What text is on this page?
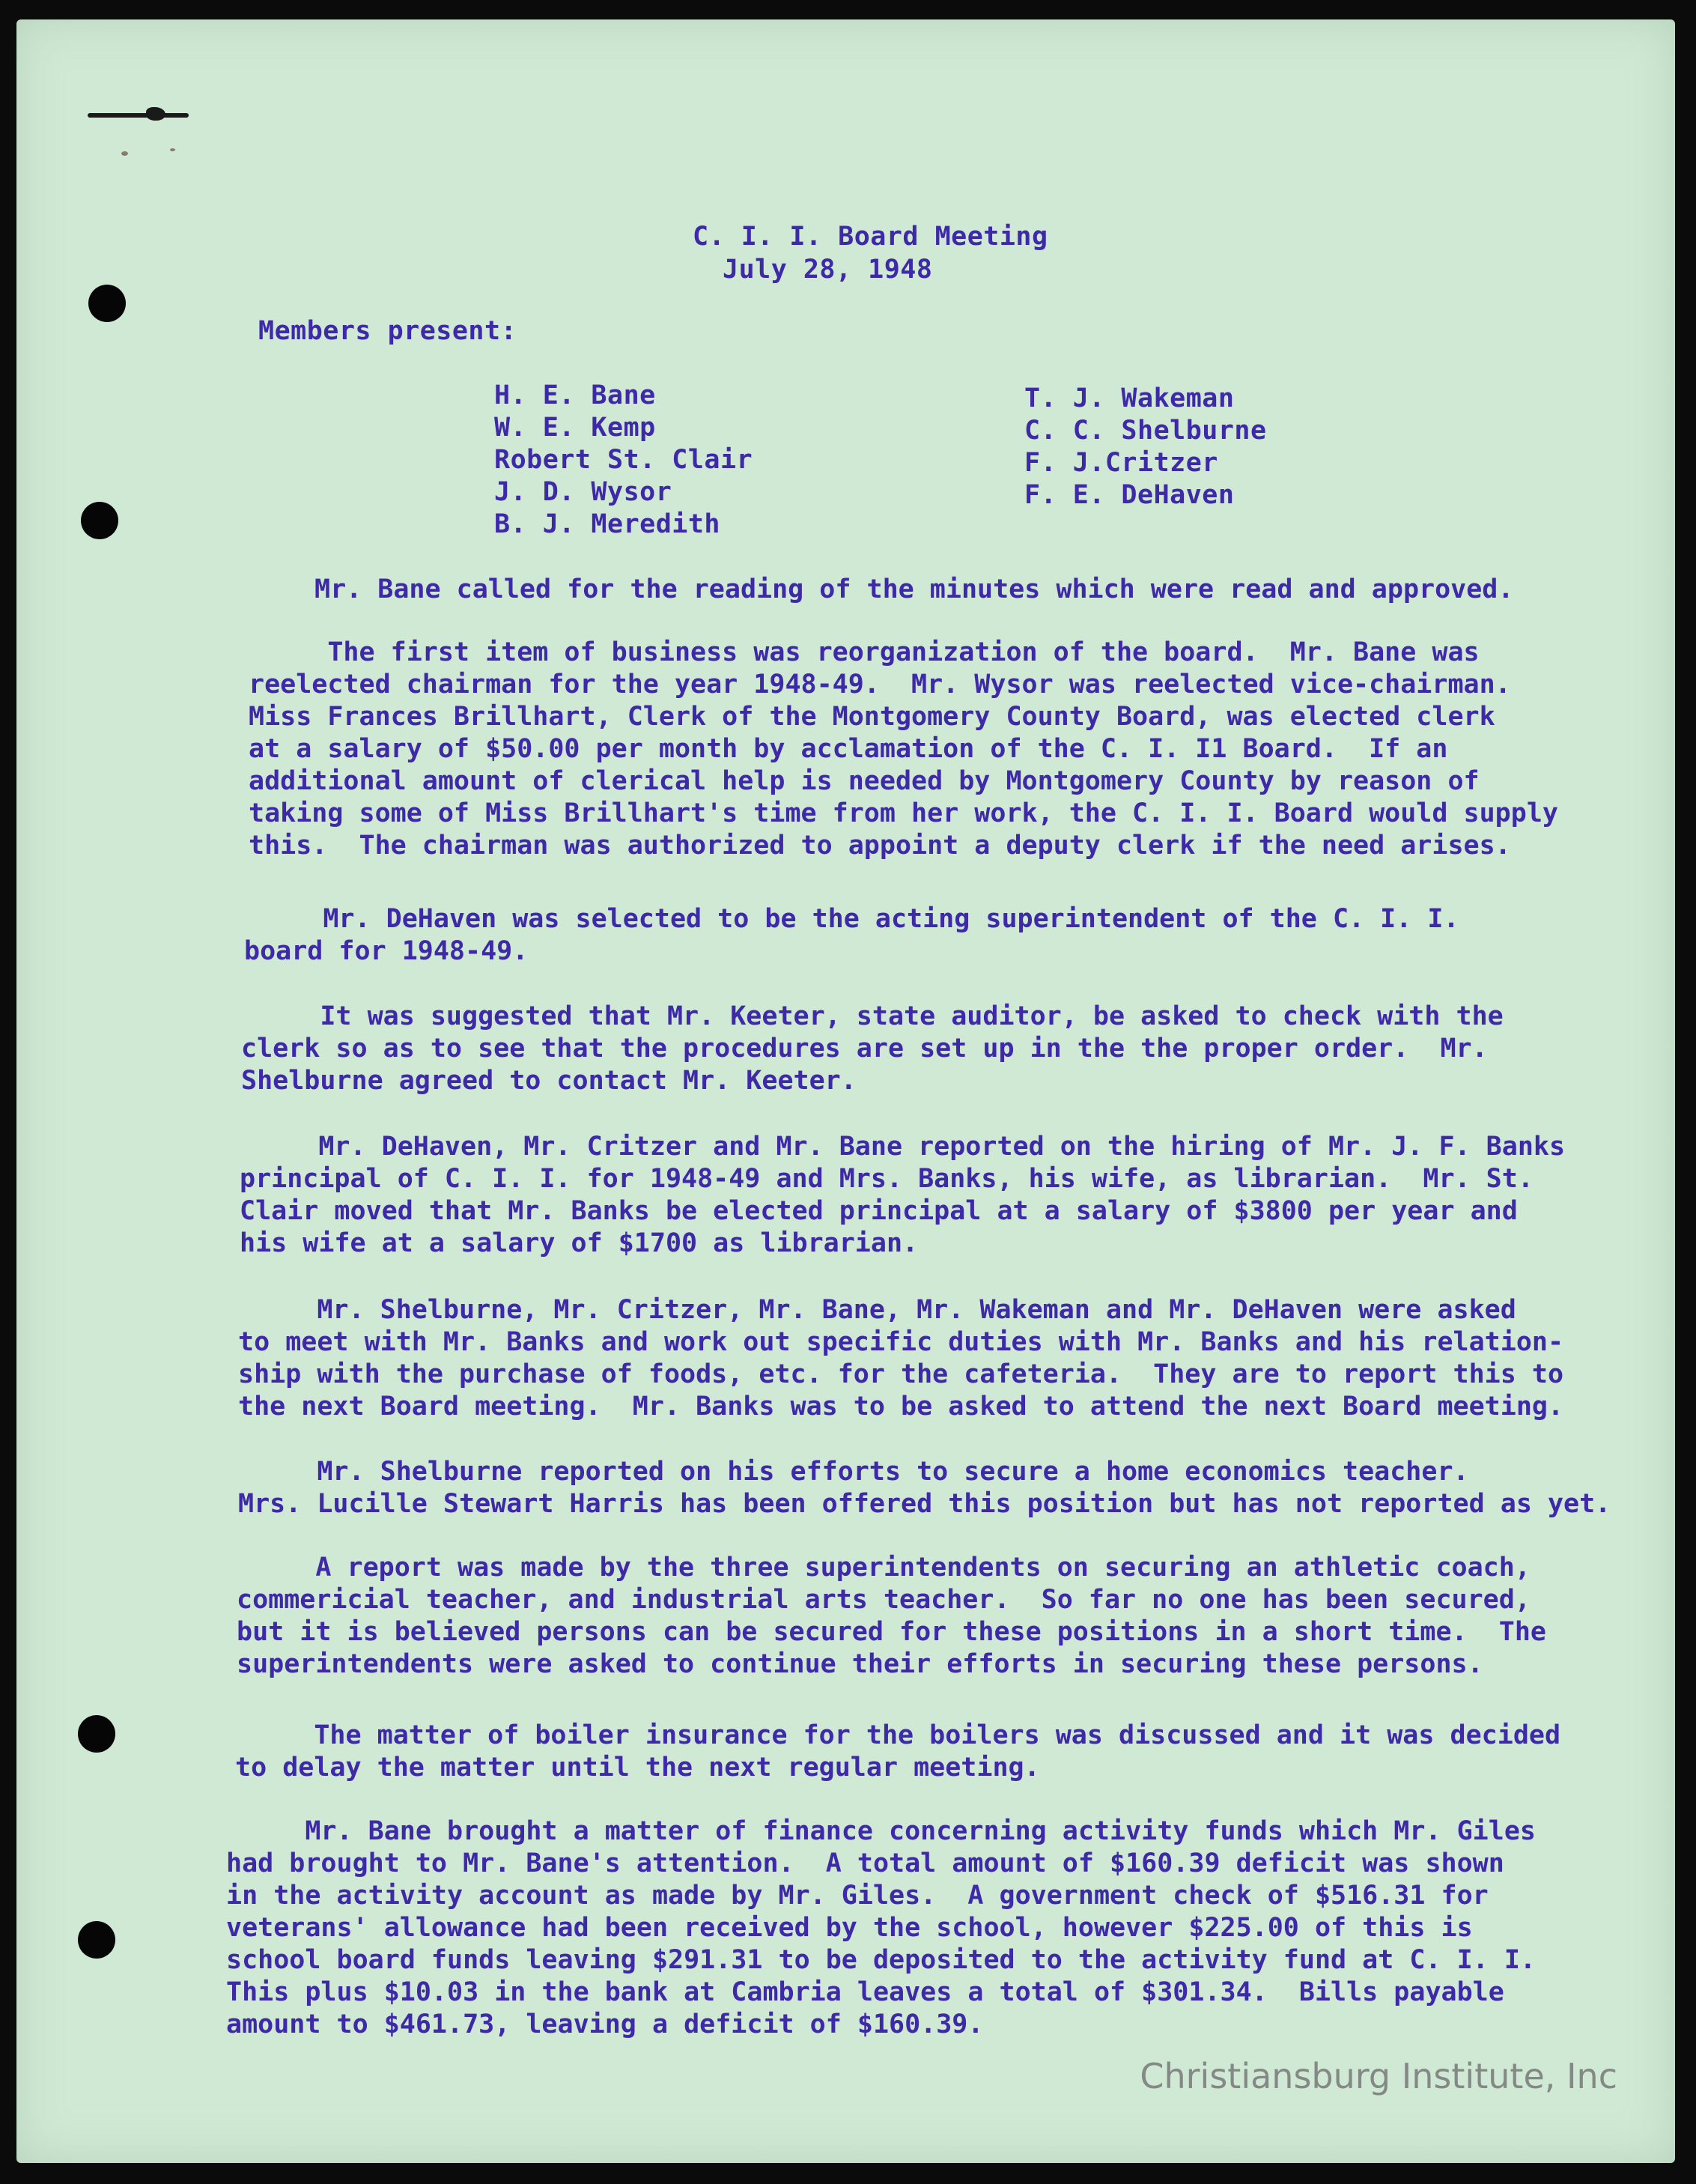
C. I. I. Board Meeting
July 28, 1948
Members present:
H. E. Bane
W. E. Kemp
Robert St. Clair
J. D. Wysor
B. J. Meredith
T. J. Wakeman
C. C. Shelburne
F. J.Critzer
F. E. DeHaven
Mr. Bane called for the reading of the minutes which were read and approved.
The first item of business was reorganization of the board.  Mr. Bane was
reelected chairman for the year 1948-49.  Mr. Wysor was reelected vice-chairman.
Miss Frances Brillhart, Clerk of the Montgomery County Board, was elected clerk
at a salary of $50.00 per month by acclamation of the C. I. I1 Board.  If an
additional amount of clerical help is needed by Montgomery County by reason of
taking some of Miss Brillhart's time from her work, the C. I. I. Board would supply
this.  The chairman was authorized to appoint a deputy clerk if the need arises.
Mr. DeHaven was selected to be the acting superintendent of the C. I. I.
board for 1948-49.
It was suggested that Mr. Keeter, state auditor, be asked to check with the
clerk so as to see that the procedures are set up in the the proper order.  Mr.
Shelburne agreed to contact Mr. Keeter.
Mr. DeHaven, Mr. Critzer and Mr. Bane reported on the hiring of Mr. J. F. Banks
principal of C. I. I. for 1948-49 and Mrs. Banks, his wife, as librarian.  Mr. St.
Clair moved that Mr. Banks be elected principal at a salary of $3800 per year and
his wife at a salary of $1700 as librarian.
Mr. Shelburne, Mr. Critzer, Mr. Bane, Mr. Wakeman and Mr. DeHaven were asked
to meet with Mr. Banks and work out specific duties with Mr. Banks and his relation-
ship with the purchase of foods, etc. for the cafeteria.  They are to report this to
the next Board meeting.  Mr. Banks was to be asked to attend the next Board meeting.
Mr. Shelburne reported on his efforts to secure a home economics teacher.
Mrs. Lucille Stewart Harris has been offered this position but has not reported as yet.
A report was made by the three superintendents on securing an athletic coach,
commericial teacher, and industrial arts teacher.  So far no one has been secured,
but it is believed persons can be secured for these positions in a short time.  The
superintendents were asked to continue their efforts in securing these persons.
The matter of boiler insurance for the boilers was discussed and it was decided
to delay the matter until the next regular meeting.
Mr. Bane brought a matter of finance concerning activity funds which Mr. Giles
had brought to Mr. Bane's attention.  A total amount of $160.39 deficit was shown
in the activity account as made by Mr. Giles.  A government check of $516.31 for
veterans' allowance had been received by the school, however $225.00 of this is
school board funds leaving $291.31 to be deposited to the activity fund at C. I. I.
This plus $10.03 in the bank at Cambria leaves a total of $301.34.  Bills payable
amount to $461.73, leaving a deficit of $160.39.
Christiansburg Institute, Inc
